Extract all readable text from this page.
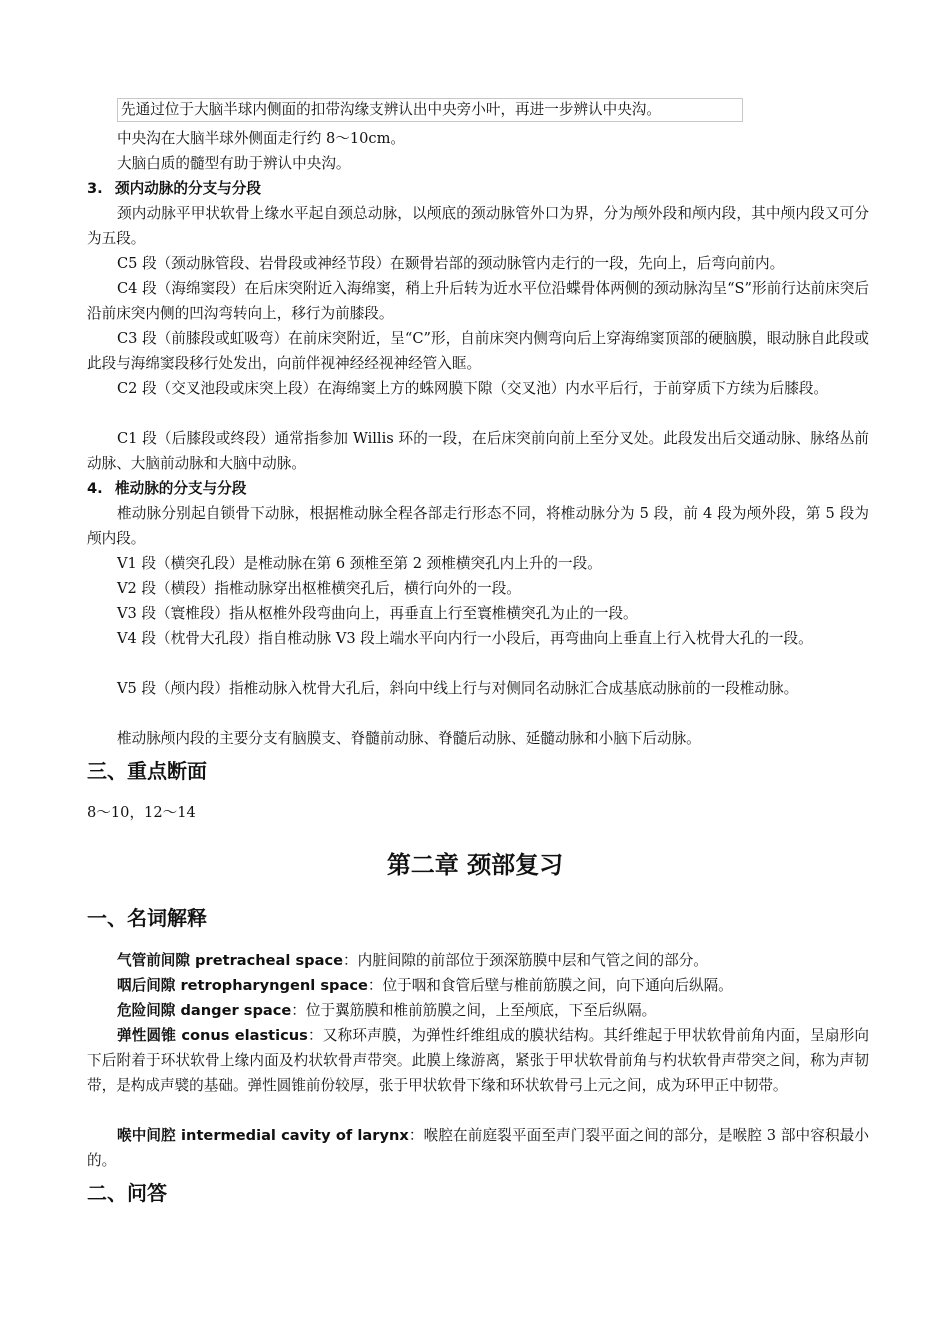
先通过位于大脑半球内侧面的扣带沟缘支辨认出中央旁小叶，再进一步辨认中央沟。
中央沟在大脑半球外侧面走行约 8～10cm。
大脑白质的髓型有助于辨认中央沟。
3. 颈内动脉的分支与分段
颈内动脉平甲状软骨上缘水平起自颈总动脉，以颅底的颈动脉管外口为界，分为颅外段和颅内段，其中颅内段又可分为五段。
C5 段（颈动脉管段、岩骨段或神经节段）在颞骨岩部的颈动脉管内走行的一段，先向上，后弯向前内。
C4 段（海绵窦段）在后床突附近入海绵窦，稍上升后转为近水平位沿蝶骨体两侧的颈动脉沟呈“S”形前行达前床突后沿前床突内侧的凹沟弯转向上，移行为前膝段。
C3 段（前膝段或虹吸弯）在前床突附近，呈“C”形，自前床突内侧弯向后上穿海绵窦顶部的硬脑膜，眼动脉自此段或此段与海绵窦段移行处发出，向前伴视神经经视神经管入眶。
C2 段（交叉池段或床突上段）在海绵窦上方的蛛网膜下隙（交叉池）内水平后行，于前穿质下方续为后膝段。
C1 段（后膝段或终段）通常指参加 Willis 环的一段，在后床突前向前上至分叉处。此段发出后交通动脉、脉络丛前动脉、大脑前动脉和大脑中动脉。
4. 椎动脉的分支与分段
椎动脉分别起自锁骨下动脉，根据椎动脉全程各部走行形态不同，将椎动脉分为 5 段，前 4 段为颅外段，第 5 段为颅内段。
V1 段（横突孔段）是椎动脉在第 6 颈椎至第 2 颈椎横突孔内上升的一段。
V2 段（横段）指椎动脉穿出枢椎横突孔后，横行向外的一段。
V3 段（寰椎段）指从枢椎外段弯曲向上，再垂直上行至寰椎横突孔为止的一段。
V4 段（枕骨大孔段）指自椎动脉 V3 段上端水平向内行一小段后，再弯曲向上垂直上行入枕骨大孔的一段。
V5 段（颅内段）指椎动脉入枕骨大孔后，斜向中线上行与对侧同名动脉汇合成基底动脉前的一段椎动脉。
椎动脉颅内段的主要分支有脑膜支、脊髓前动脉、脊髓后动脉、延髓动脉和小脑下后动脉。
三、重点断面
8～10，12～14
第二章 颈部复习
一、名词解释
气管前间隙 pretracheal space：内脏间隙的前部位于颈深筋膜中层和气管之间的部分。
咽后间隙 retropharyngenl space：位于咽和食管后壁与椎前筋膜之间，向下通向后纵隔。
危险间隙 danger space：位于翼筋膜和椎前筋膜之间，上至颅底，下至后纵隔。
弹性圆锥 conus elasticus：又称环声膜，为弹性纤维组成的膜状结构。其纤维起于甲状软骨前角内面，呈扇形向下后附着于环状软骨上缘内面及杓状软骨声带突。此膜上缘游离，紧张于甲状软骨前角与杓状软骨声带突之间，称为声韧带，是构成声襞的基础。弹性圆锥前份较厚，张于甲状软骨下缘和环状软骨弓上元之间，成为环甲正中韧带。
喉中间腔 intermedial cavity of larynx：喉腔在前庭裂平面至声门裂平面之间的部分，是喉腔 3 部中容积最小的。
二、问答
